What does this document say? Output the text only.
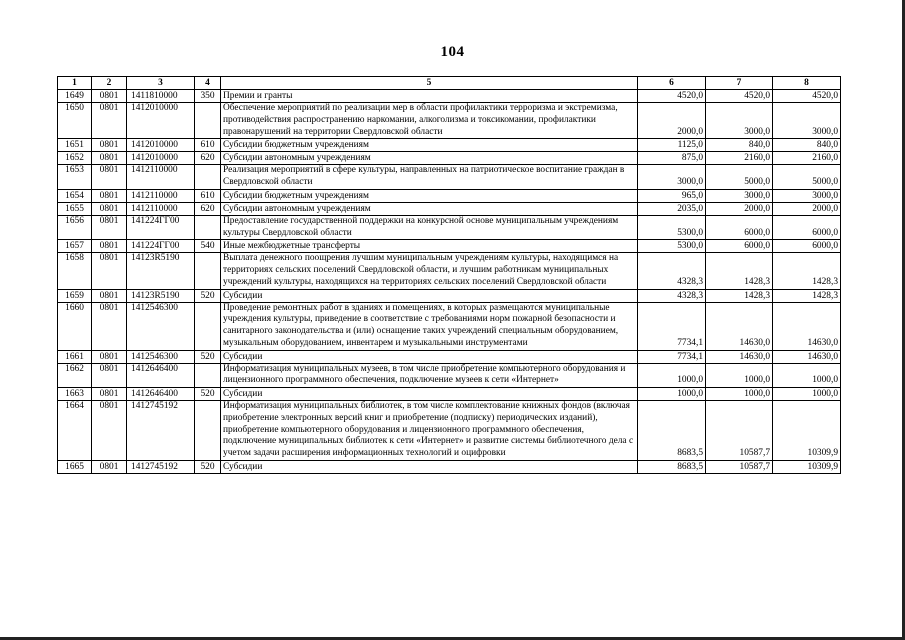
104
1	2	3	4	5	6	7	8
1649	0801	1411810000	350	Премии и гранты	4520,0	4520,0	4520,0
1650	0801	1412010000		Обеспечение мероприятий по реализации мер в области профилактики терроризма и экстремизма, противодействия распространению наркомании, алкоголизма и токсикомании, профилактики правонарушений на территории Свердловской области	2000,0	3000,0	3000,0
1651	0801	1412010000	610	Субсидии бюджетным учреждениям	1125,0	840,0	840,0
1652	0801	1412010000	620	Субсидии автономным учреждениям	875,0	2160,0	2160,0
1653	0801	1412110000		Реализация мероприятий в сфере культуры, направленных на патриотическое воспитание граждан в Свердловской области	3000,0	5000,0	5000,0
1654	0801	1412110000	610	Субсидии бюджетным учреждениям	965,0	3000,0	3000,0
1655	0801	1412110000	620	Субсидии автономным учреждениям	2035,0	2000,0	2000,0
1656	0801	141224ГГ00		Предоставление государственной поддержки на конкурсной основе муниципальным учреждениям культуры Свердловской области	5300,0	6000,0	6000,0
1657	0801	141224ГГ00	540	Иные межбюджетные трансферты	5300,0	6000,0	6000,0
1658	0801	14123R5190		Выплата денежного поощрения лучшим муниципальным учреждениям культуры, находящимся на территориях сельских поселений Свердловской области, и лучшим работникам муниципальных учреждений культуры, находящихся на территориях сельских поселений Свердловской области	4328,3	1428,3	1428,3
1659	0801	14123R5190	520	Субсидии	4328,3	1428,3	1428,3
1660	0801	1412546300		Проведение ремонтных работ в зданиях и помещениях, в которых размещаются муниципальные учреждения культуры, приведение в соответствие с требованиями норм пожарной безопасности и санитарного законодательства и (или) оснащение таких учреждений специальным оборудованием, музыкальным оборудованием, инвентарем и музыкальными инструментами	7734,1	14630,0	14630,0
1661	0801	1412546300	520	Субсидии	7734,1	14630,0	14630,0
1662	0801	1412646400		Информатизация муниципальных музеев, в том числе приобретение компьютерного оборудования и лицензионного программного обеспечения, подключение музеев к сети «Интернет»	1000,0	1000,0	1000,0
1663	0801	1412646400	520	Субсидии	1000,0	1000,0	1000,0
1664	0801	1412745192		Информатизация муниципальных библиотек, в том числе комплектование книжных фондов (включая приобретение электронных версий книг и приобретение (подписку) периодических изданий), приобретение компьютерного оборудования и лицензионного программного обеспечения, подключение муниципальных библиотек к сети «Интернет» и развитие системы библиотечного дела с учетом задачи расширения информационных технологий и оцифровки	8683,5	10587,7	10309,9
1665	0801	1412745192	520	Субсидии	8683,5	10587,7	10309,9
